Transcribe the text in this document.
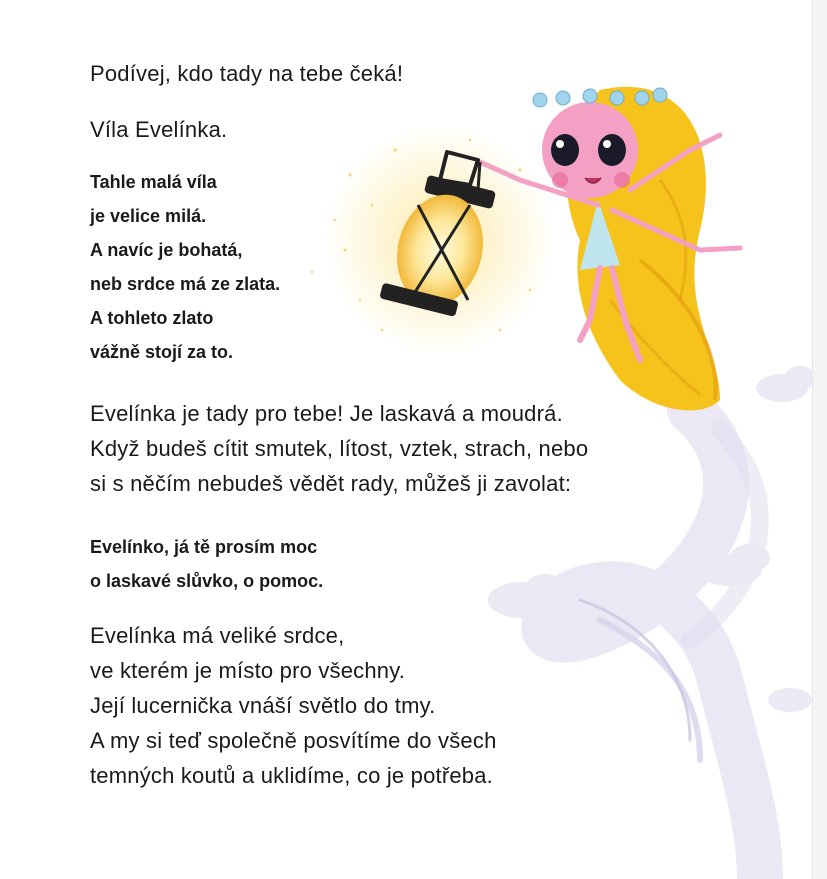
Podívej, kdo tady na tebe čeká!

Víla Evelínka.

Tahle malá víla
je velice milá.
A navíc je bohatá,
neb srdce má ze zlata.
A tohleto zlato
vážně stojí za to.
Evelínka je tady pro tebe! Je laskavá a moudrá.
Když budeš cítit smutek, lítost, vztek, strach, nebo
si s něčím nebudeš vědět rady, můžeš ji zavolat:
Evelínko, já tě prosím moc
o laskavé slůvko, o pomoc.
Evelínka má veliké srdce,
ve kterém je místo pro všechny.
Její lucernička vnáší světlo do tmy.
A my si teď společně posvítíme do všech
temných koutů a uklidíme, co je potřeba.
